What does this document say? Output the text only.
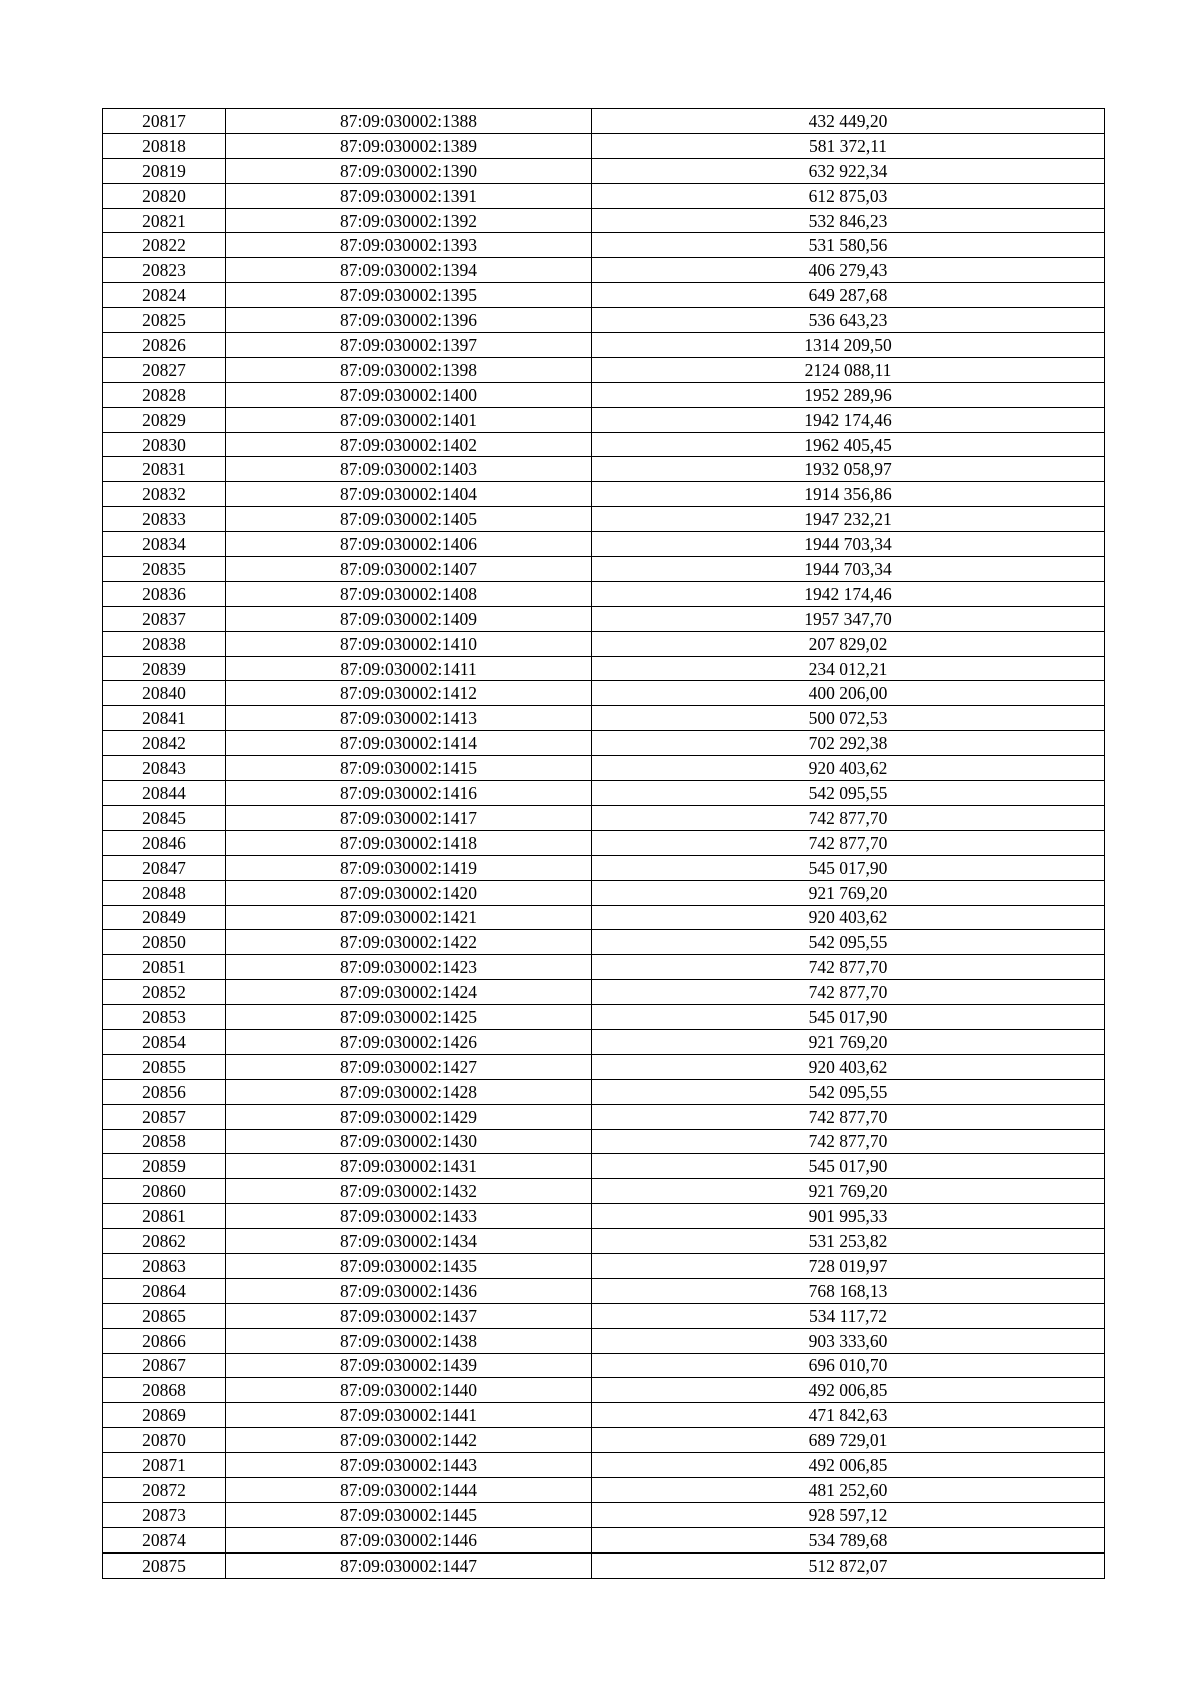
20817	87:09:030002:1388	432 449,20
20818	87:09:030002:1389	581 372,11
20819	87:09:030002:1390	632 922,34
20820	87:09:030002:1391	612 875,03
20821	87:09:030002:1392	532 846,23
20822	87:09:030002:1393	531 580,56
20823	87:09:030002:1394	406 279,43
20824	87:09:030002:1395	649 287,68
20825	87:09:030002:1396	536 643,23
20826	87:09:030002:1397	1314 209,50
20827	87:09:030002:1398	2124 088,11
20828	87:09:030002:1400	1952 289,96
20829	87:09:030002:1401	1942 174,46
20830	87:09:030002:1402	1962 405,45
20831	87:09:030002:1403	1932 058,97
20832	87:09:030002:1404	1914 356,86
20833	87:09:030002:1405	1947 232,21
20834	87:09:030002:1406	1944 703,34
20835	87:09:030002:1407	1944 703,34
20836	87:09:030002:1408	1942 174,46
20837	87:09:030002:1409	1957 347,70
20838	87:09:030002:1410	207 829,02
20839	87:09:030002:1411	234 012,21
20840	87:09:030002:1412	400 206,00
20841	87:09:030002:1413	500 072,53
20842	87:09:030002:1414	702 292,38
20843	87:09:030002:1415	920 403,62
20844	87:09:030002:1416	542 095,55
20845	87:09:030002:1417	742 877,70
20846	87:09:030002:1418	742 877,70
20847	87:09:030002:1419	545 017,90
20848	87:09:030002:1420	921 769,20
20849	87:09:030002:1421	920 403,62
20850	87:09:030002:1422	542 095,55
20851	87:09:030002:1423	742 877,70
20852	87:09:030002:1424	742 877,70
20853	87:09:030002:1425	545 017,90
20854	87:09:030002:1426	921 769,20
20855	87:09:030002:1427	920 403,62
20856	87:09:030002:1428	542 095,55
20857	87:09:030002:1429	742 877,70
20858	87:09:030002:1430	742 877,70
20859	87:09:030002:1431	545 017,90
20860	87:09:030002:1432	921 769,20
20861	87:09:030002:1433	901 995,33
20862	87:09:030002:1434	531 253,82
20863	87:09:030002:1435	728 019,97
20864	87:09:030002:1436	768 168,13
20865	87:09:030002:1437	534 117,72
20866	87:09:030002:1438	903 333,60
20867	87:09:030002:1439	696 010,70
20868	87:09:030002:1440	492 006,85
20869	87:09:030002:1441	471 842,63
20870	87:09:030002:1442	689 729,01
20871	87:09:030002:1443	492 006,85
20872	87:09:030002:1444	481 252,60
20873	87:09:030002:1445	928 597,12
20874	87:09:030002:1446	534 789,68
20875	87:09:030002:1447	512 872,07
